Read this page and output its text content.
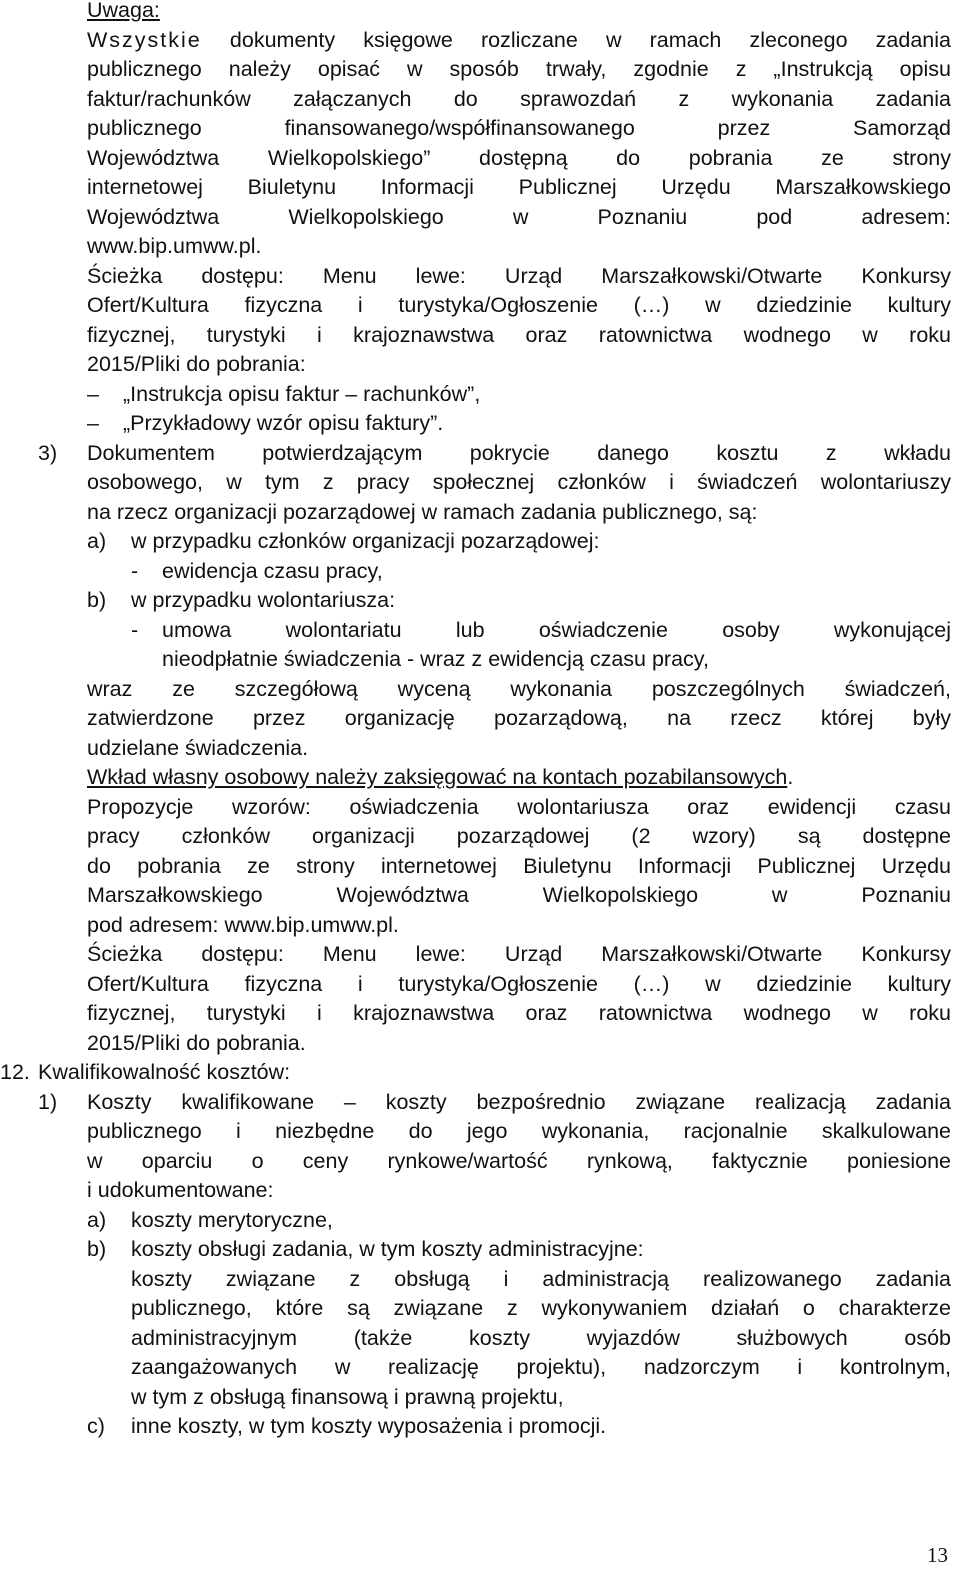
Uwaga:
Wszystkie dokumenty księgowe rozliczane w ramach zleconego zadania
publicznego należy opisać w sposób trwały, zgodnie z „Instrukcją opisu
faktur/rachunków załączanych do sprawozdań z wykonania zadania
publicznego finansowanego/współfinansowanego przez Samorząd
Województwa Wielkopolskiego” dostępną do pobrania ze strony
internetowej Biuletynu Informacji Publicznej Urzędu Marszałkowskiego
Województwa Wielkopolskiego w Poznaniu pod adresem:
www.bip.umww.pl.
Ścieżka dostępu: Menu lewe: Urząd Marszałkowski/Otwarte Konkursy
Ofert/Kultura fizyczna i turystyka/Ogłoszenie (…) w dziedzinie kultury
fizycznej, turystyki i krajoznawstwa oraz ratownictwa wodnego w roku
2015/Pliki do pobrania:
– „Instrukcja opisu faktur – rachunków”,
– „Przykładowy wzór opisu faktury”.
3) Dokumentem potwierdzającym pokrycie danego kosztu z wkładu
osobowego, w tym z pracy społecznej członków i świadczeń wolontariuszy
na rzecz organizacji pozarządowej w ramach zadania publicznego, są:
a) w przypadku członków organizacji pozarządowej:
- ewidencja czasu pracy,
b) w przypadku wolontariusza:
- umowa wolontariatu lub oświadczenie osoby wykonującej
nieodpłatnie świadczenia - wraz z ewidencją czasu pracy,
wraz ze szczegółową wyceną wykonania poszczególnych świadczeń,
zatwierdzone przez organizację pozarządową, na rzecz której były
udzielane świadczenia.
Wkład własny osobowy należy zaksięgować na kontach pozabilansowych.
Propozycje wzorów: oświadczenia wolontariusza oraz ewidencji czasu
pracy członków organizacji pozarządowej (2 wzory) są dostępne
do pobrania ze strony internetowej Biuletynu Informacji Publicznej Urzędu
Marszałkowskiego Województwa Wielkopolskiego w Poznaniu
pod adresem: www.bip.umww.pl.
Ścieżka dostępu: Menu lewe: Urząd Marszałkowski/Otwarte Konkursy
Ofert/Kultura fizyczna i turystyka/Ogłoszenie (…) w dziedzinie kultury
fizycznej, turystyki i krajoznawstwa oraz ratownictwa wodnego w roku
2015/Pliki do pobrania.
12. Kwalifikowalność kosztów:
1) Koszty kwalifikowane – koszty bezpośrednio związane realizacją zadania
publicznego i niezbędne do jego wykonania, racjonalnie skalkulowane
w oparciu o ceny rynkowe/wartość rynkową, faktycznie poniesione
i udokumentowane:
a) koszty merytoryczne,
b) koszty obsługi zadania, w tym koszty administracyjne:
koszty związane z obsługą i administracją realizowanego zadania
publicznego, które są związane z wykonywaniem działań o charakterze
administracyjnym (także koszty wyjazdów służbowych osób
zaangażowanych w realizację projektu), nadzorczym i kontrolnym,
w tym z obsługą finansową i prawną projektu,
c) inne koszty, w tym koszty wyposażenia i promocji.
13
